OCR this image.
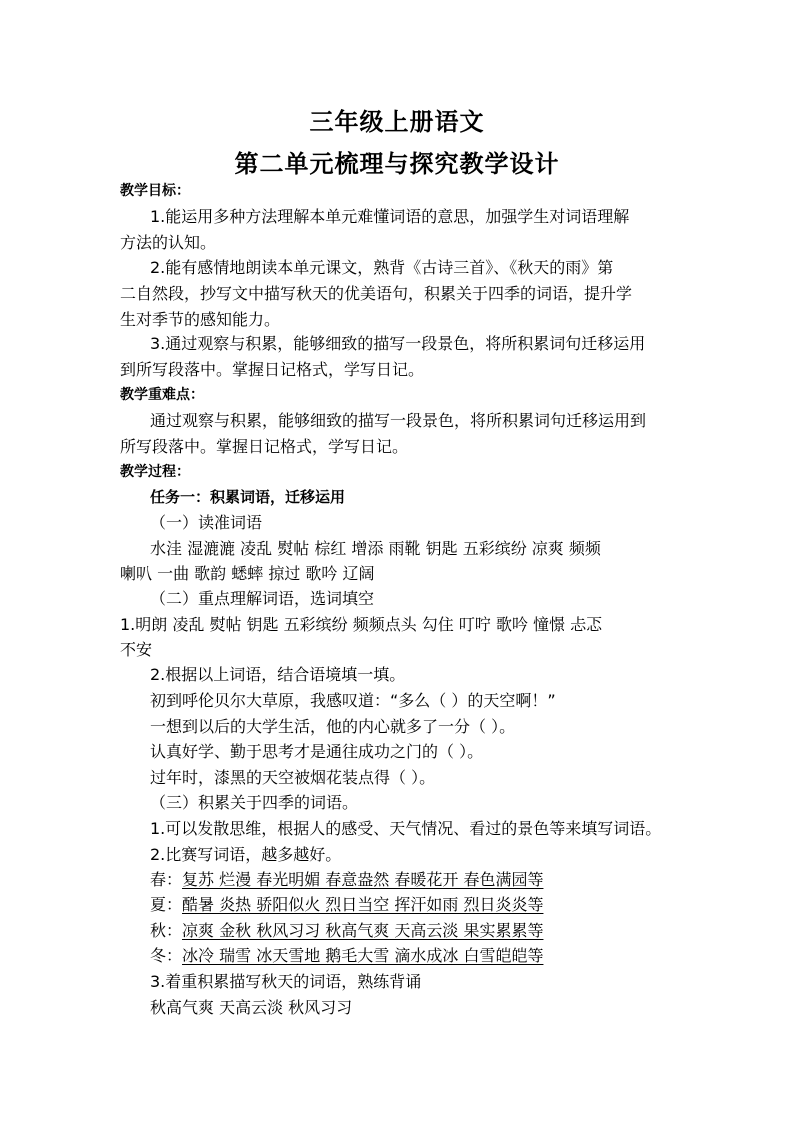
三年级上册语文
第二单元梳理与探究教学设计
教学目标：
1.能运用多种方法理解本单元难懂词语的意思，加强学生对词语理解
方法的认知。
2.能有感情地朗读本单元课文，熟背《古诗三首》、《秋天的雨》第
二自然段，抄写文中描写秋天的优美语句，积累关于四季的词语，提升学
生对季节的感知能力。
3.通过观察与积累，能够细致的描写一段景色，将所积累词句迁移运用
到所写段落中。掌握日记格式，学写日记。
教学重难点：
通过观察与积累，能够细致的描写一段景色，将所积累词句迁移运用到
所写段落中。掌握日记格式，学写日记。
教学过程：
任务一：积累词语，迁移运用
（一）读准词语
水洼 湿漉漉 凌乱 熨帖 棕红 增添 雨靴 钥匙 五彩缤纷 凉爽 频频
喇叭 一曲 歌韵 蟋蟀 掠过 歌吟 辽阔
（二）重点理解词语，选词填空
1.明朗 凌乱 熨帖 钥匙 五彩缤纷 频频点头 勾住 叮咛 歌吟 憧憬 忐忑
不安
2.根据以上词语，结合语境填一填。
初到呼伦贝尔大草原，我感叹道：“多么（ ）的天空啊！”
一想到以后的大学生活，他的内心就多了一分（ ）。
认真好学、勤于思考才是通往成功之门的（ ）。
过年时，漆黑的天空被烟花装点得（ ）。
（三）积累关于四季的词语。
1.可以发散思维，根据人的感受、天气情况、看过的景色等来填写词语。
2.比赛写词语，越多越好。
春：复苏 烂漫 春光明媚 春意盎然 春暖花开 春色满园等
夏：酷暑 炎热 骄阳似火 烈日当空 挥汗如雨 烈日炎炎等
秋：凉爽 金秋 秋风习习 秋高气爽 天高云淡 果实累累等
冬：冰冷 瑞雪 冰天雪地 鹅毛大雪 滴水成冰 白雪皑皑等
3.着重积累描写秋天的词语，熟练背诵
秋高气爽 天高云淡 秋风习习
